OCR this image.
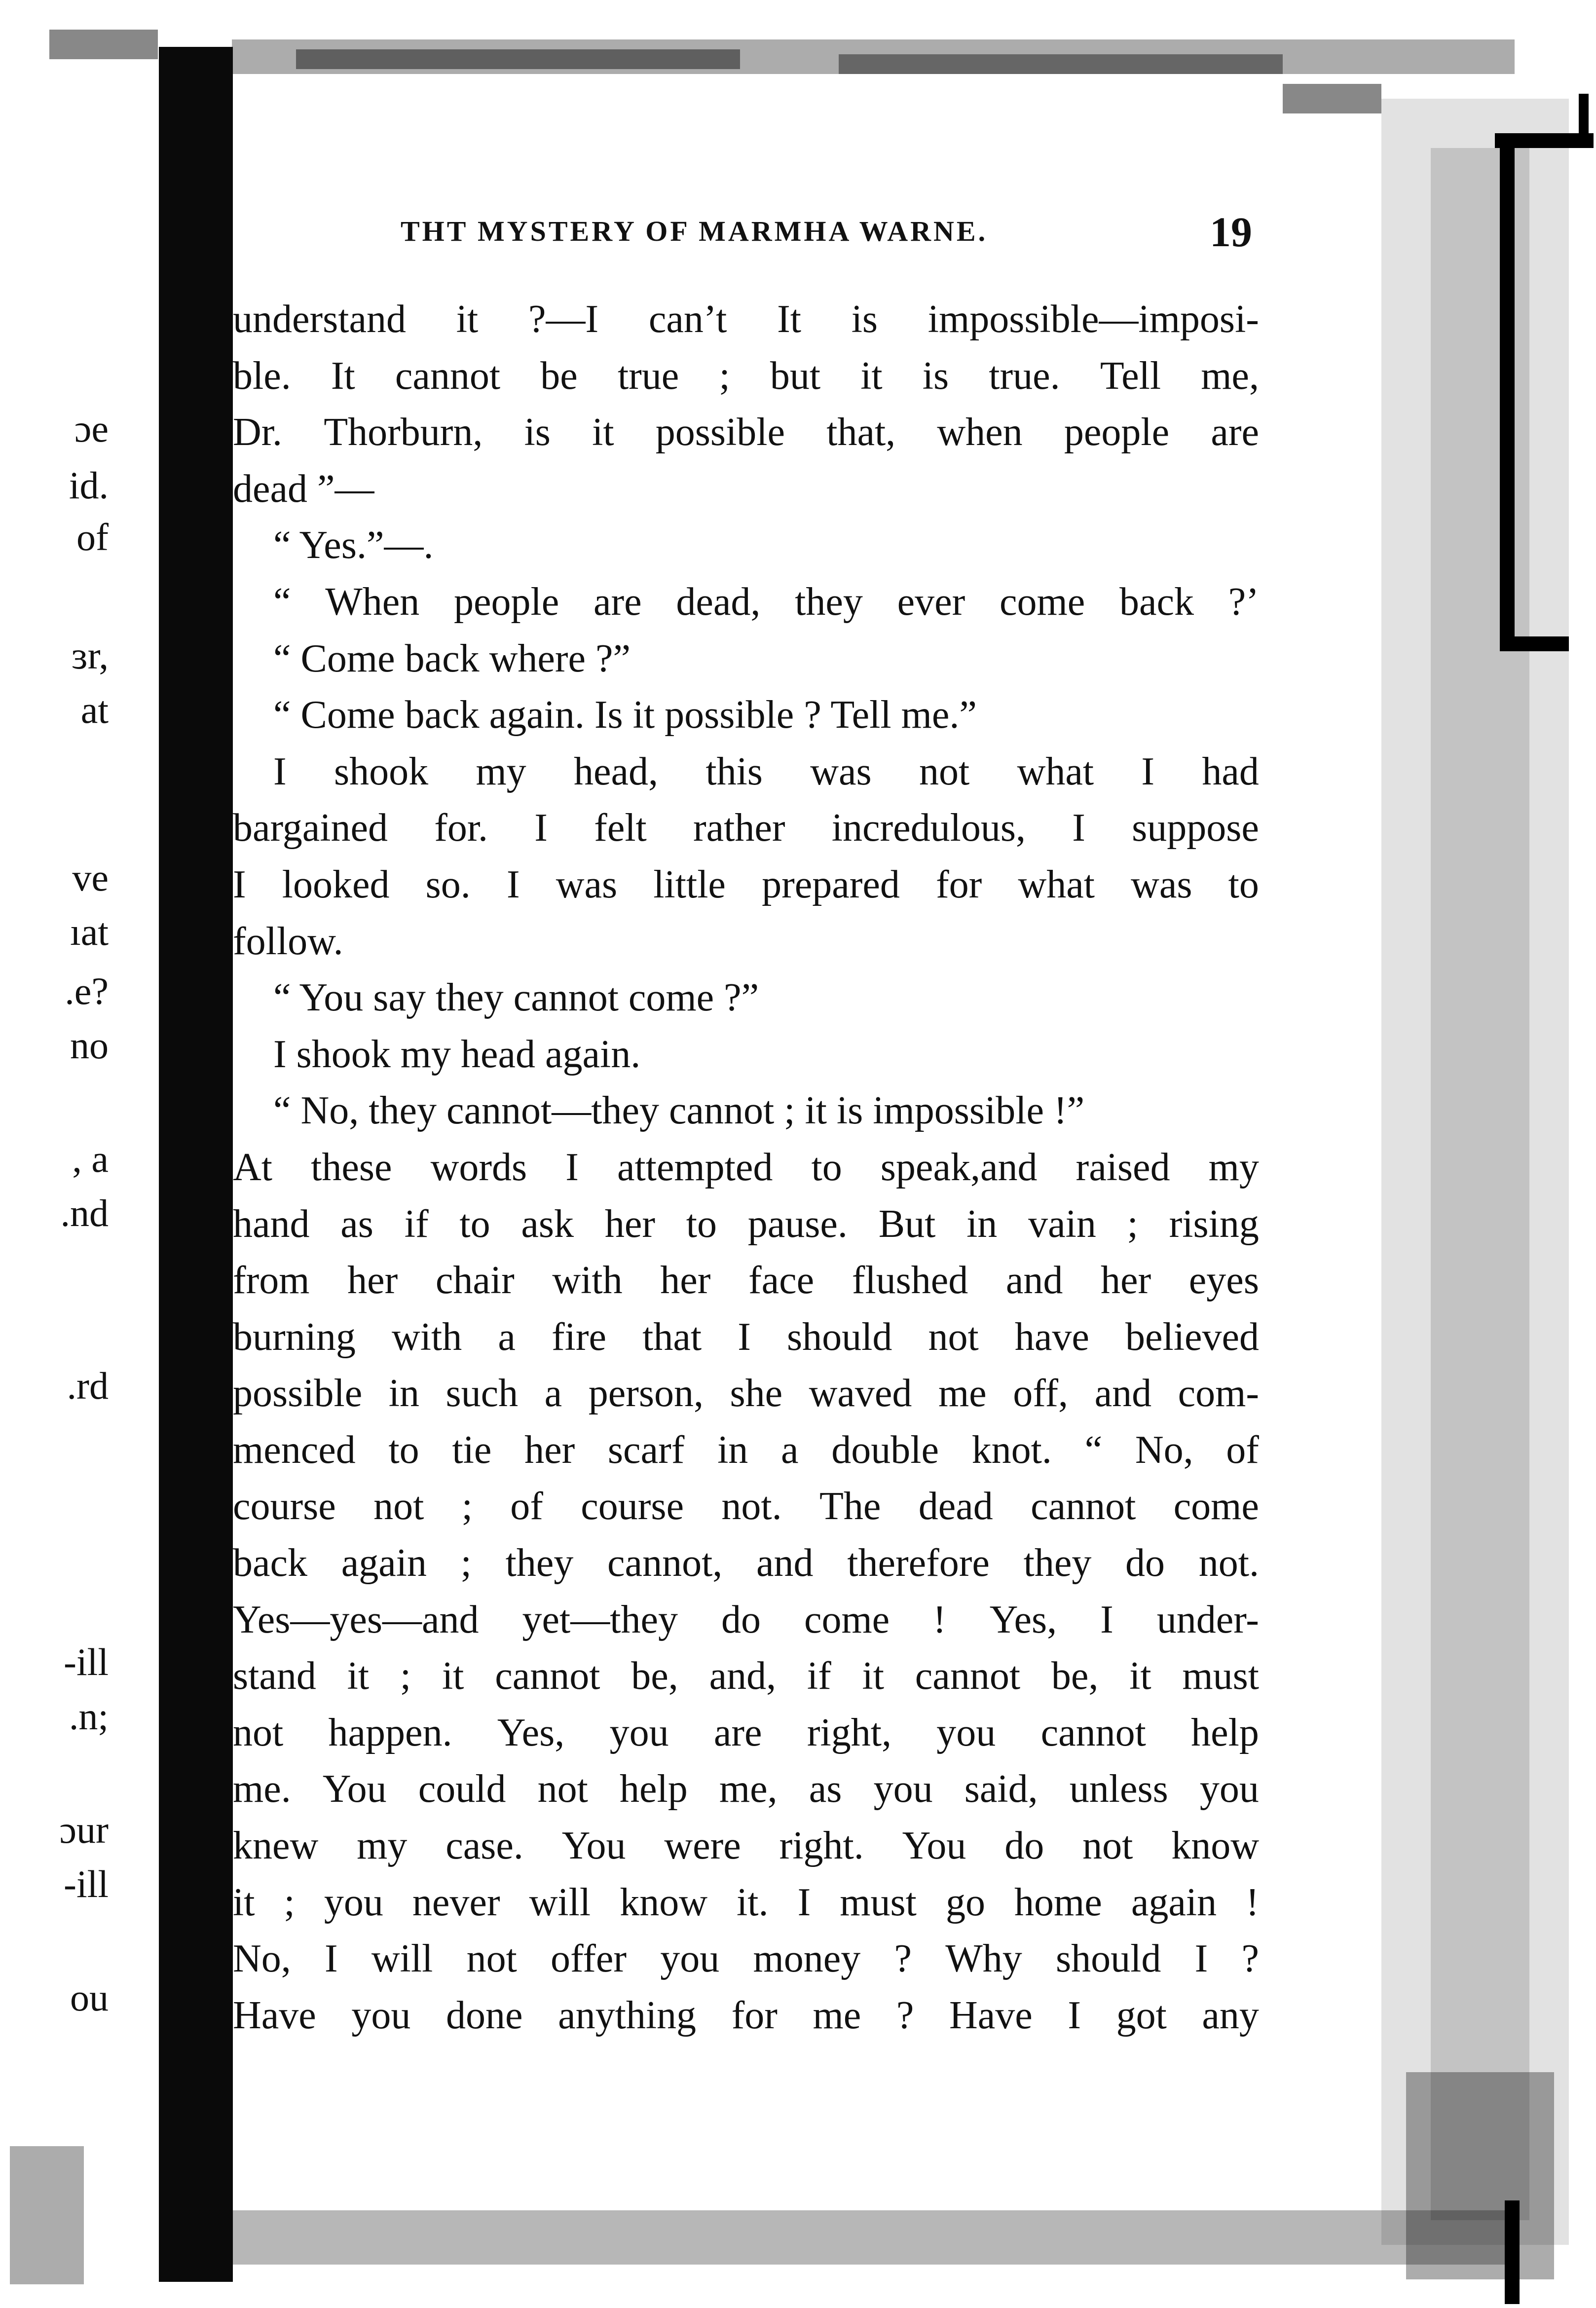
ɔe
id.
of
ɜr,
at
ve
ıat
.e?
no
, a
.nd
.rd
-ill
.n;
ɔur
-ill
ou
THT MYSTERY OF MARMHA WARNE.	19
understand it ?—I can’t It is impossible—imposi-
ble. It cannot be true ; but it is true. Tell me,
Dr. Thorburn, is it possible that, when people are
dead ”—
“ Yes.”—.
“ When people are dead, they ever come back ?’
“ Come back where ?”
“ Come back again. Is it possible ? Tell me.”
I shook my head, this was not what I had
bargained for. I felt rather incredulous, I suppose
I looked so. I was little prepared for what was to
follow.
“ You say they cannot come ?”
I shook my head again.
“ No, they cannot—they cannot ; it is impossible !”
At these words I attempted to speak,and raised my
hand as if to ask her to pause. But in vain ; rising
from her chair with her face flushed and her eyes
burning with a fire that I should not have believed
possible in such a person, she waved me off, and com-
menced to tie her scarf in a double knot. “ No, of
course not ; of course not. The dead cannot come
back again ; they cannot, and therefore they do not.
Yes—yes—and yet—they do come ! Yes, I under-
stand it ; it cannot be, and, if it cannot be, it must
not happen. Yes, you are right, you cannot help
me. You could not help me, as you said, unless you
knew my case. You were right. You do not know
it ; you never will know it. I must go home again !
No, I will not offer you money ? Why should I ?
Have you done anything for me ? Have I got any
